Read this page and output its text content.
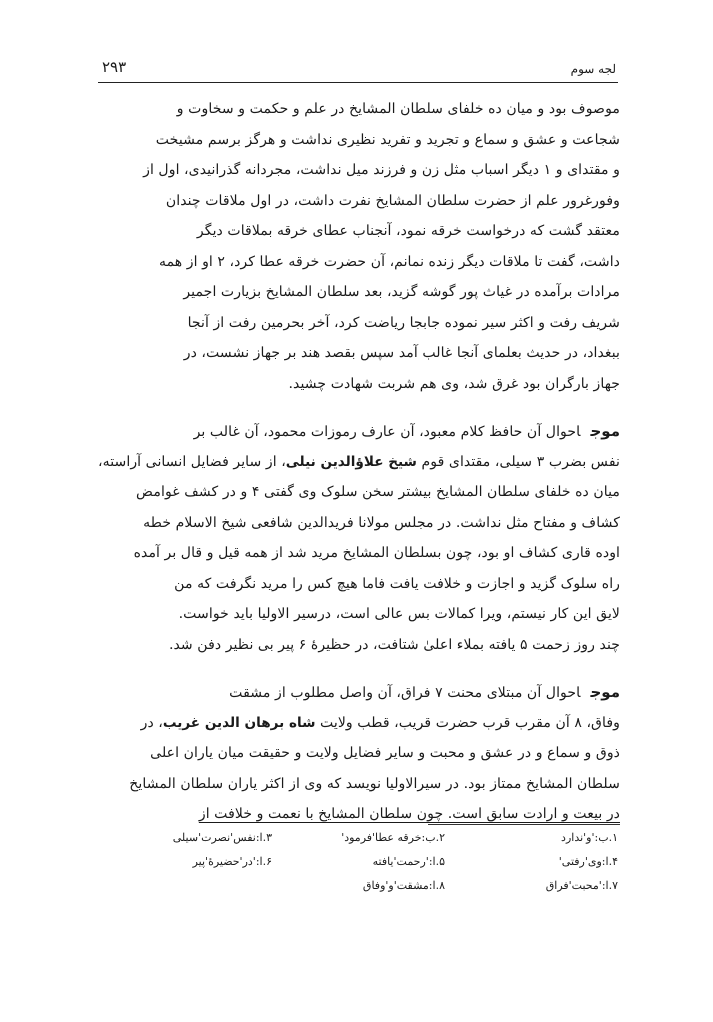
لجه سوم
۲۹۳
موصوف بود و میان ده خلفای سلطان المشایخ در علم و حکمت و سخاوت و
شجاعت و عشق و سماع و تجرید و تفرید نظیری نداشت و هرگز برسم مشیخت
و مقتدای و ۱ دیگر اسباب مثل زن و فرزند میل نداشت، مجردانه گذرانیدی، اول از
وفورغرور علم از حضرت سلطان المشایخ نفرت داشت، در اول ملاقات چندان
معتقد گشت که درخواست خرقه نمود، آنجناب عطای خرقه بملاقات دیگر
داشت، گفت تا ملاقات دیگر زنده نمانم، آن حضرت خرقه عطا کرد، ۲ او از همه
مرادات برآمده در غیاث پور گوشه گزید، بعد سلطان المشایخ بزیارت اجمیر
شریف رفت و اکثر سیر نموده جابجا ریاضت کرد، آخر بحرمین رفت از آنجا
ببغداد، در حدیث بعلمای آنجا غالب آمد سپس بقصد هند بر جهاز نشست، در
جهاز بارگران بود غرق شد، وی هم شربت شهادت چشید.
موجاحوال آن حافظ کلام معبود، آن عارف رموزات محمود، آن غالب بر
نفس بضرب ۳ سیلی، مقتدای قوم شیخ علاؤالدین نیلی، از سایر فضایل انسانی آراسته،
میان ده خلفای سلطان المشایخ بیشتر سخن سلوک وی گفتی ۴ و در کشف غوامض
کشاف و مفتاح مثل نداشت. در مجلس مولانا فریدالدین شافعی شیخ الاسلام خطه
اوده قاری کشاف او بود، چون بسلطان المشایخ مرید شد از همه قیل و قال بر آمده
راه سلوک گزید و اجازت و خلافت یافت فاما هیچ کس را مرید نگرفت که من
لایق این کار نیستم، ویرا کمالات بس عالی است، درسیر الاولیا باید خواست.
چند روز زحمت ۵ یافته بملاء اعلیٰ شتافت، در حظیرهٔ ۶ پیر بی نظیر دفن شد.
موجاحوال آن مبتلای محنت ۷ فراق، آن واصل مطلوب از مشقت
وفاق، ۸ آن مقرب قرب حضرت قریب، قطب ولایت شاه برهان الدین غریب، در
ذوق و سماع و در عشق و محبت و سایر فضایل ولایت و حقیقت میان یاران اعلی
سلطان المشایخ ممتاز بود. در سیرالاولیا نویسد که وی از اکثر یاران سلطان المشایخ
در بیعت و ارادت سابق است. چون سلطان المشایخ با نعمت و خلافت از
۱.ب:'و'ندارد
۲.ب:خرقه عطا'فرمود'
۳.ا:نفس'نصرت'سیلی
۴.ا:وی'رفتی'
۵.ا:'رحمت'یافته
۶.ا:'در'حضیرهٔ'پیر
۷.ا:'محبت'فراق
۸.ا:مشقت'و'وفاق
